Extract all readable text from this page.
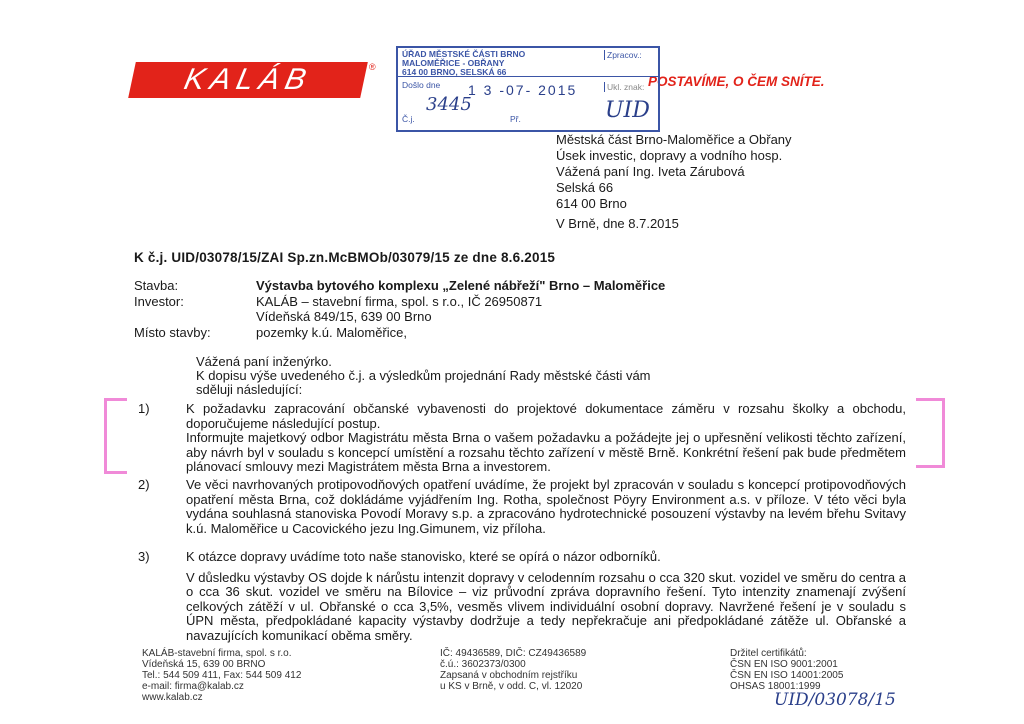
KALÁB	®
POSTAVÍME, O ČEM SNÍTE.
ÚŘAD MĚSTSKÉ ČÁSTI BRNO
MALOMĚŘICE - OBŘANY
614 00 BRNO, SELSKÁ 66
Zpracov.:
Došlo dne 1 3 -07- 2015	Ukl. znak:
Č.j.	Př.
3445	UID
Městská část Brno-Maloměřice a Obřany
Úsek investic, dopravy a vodního hosp.
Vážená paní Ing. Iveta Zárubová
Selská 66
614 00 Brno
V Brně, dne 8.7.2015
K č.j. UID/03078/15/ZAI Sp.zn.McBMOb/03079/15 ze dne 8.6.2015
Stavba:	Výstavba bytového komplexu „Zelené nábřeží" Brno – Maloměřice
Investor:	KALÁB – stavební firma, spol. s r.o., IČ 26950871
Vídeňská 849/15, 639 00 Brno
Místo stavby:	pozemky k.ú. Maloměřice,
Vážená paní inženýrko.
K dopisu výše uvedeného č.j. a výsledkům projednání Rady městské části vám
sděluji následující:
1)	K požadavku zapracování občanské vybavenosti do projektové dokumentace záměru v rozsahu školky a obchodu, doporučujeme následující postup.

Informujte majetkový odbor Magistrátu města Brna o vašem požadavku a požádejte jej o upřesnění velikosti těchto zařízení, aby návrh byl v souladu s koncepcí umístění a rozsahu těchto zařízení v městě Brně. Konkrétní řešení pak bude předmětem plánovací smlouvy mezi Magistrátem města Brna a investorem.

2)	Ve věci navrhovaných protipovodňových opatření uvádíme, že projekt byl zpracován v souladu s koncepcí protipovodňových opatření města Brna, což dokládáme vyjádřením Ing. Rotha, společnost Pöyry Environment a.s. v příloze. V této věci byla vydána souhlasná stanoviska Povodí Moravy s.p. a zpracováno hydrotechnické posouzení výstavby na levém břehu Svitavy k.ú. Maloměřice u Cacovického jezu Ing.Gimunem, viz příloha.

3)	K otázce dopravy uvádíme toto naše stanovisko, které se opírá o názor odborníků.

V důsledku výstavby OS dojde k nárůstu intenzit dopravy v celodenním rozsahu o cca 320 skut. vozidel ve směru do centra a o cca 36 skut. vozidel ve směru na Bílovice – viz průvodní zpráva dopravního řešení. Tyto intenzity znamenají zvýšení celkových zátěží v ul. Obřanské o cca 3,5%, vesměs vlivem individuální osobní dopravy. Navržené řešení je v souladu s ÚPN města, předpokládané kapacity výstavby dodržuje a tedy nepřekračuje ani předpokládané zátěže ul. Obřanské a navazujících komunikací oběma směry.

KALÁB-stavební firma, spol. s r.o.
Vídeňská 15, 639 00 BRNO
Tel.: 544 509 411, Fax: 544 509 412
e-mail: firma@kalab.cz
www.kalab.cz
IČ: 49436589, DIČ: CZ49436589
č.ú.: 3602373/0300
Zapsaná v obchodním rejstříku
u KS v Brně, v odd. C, vl. 12020
Držitel certifikátů:
ČSN EN ISO 9001:2001
ČSN EN ISO 14001:2005
OHSAS 18001:1999
UID/03078/15
